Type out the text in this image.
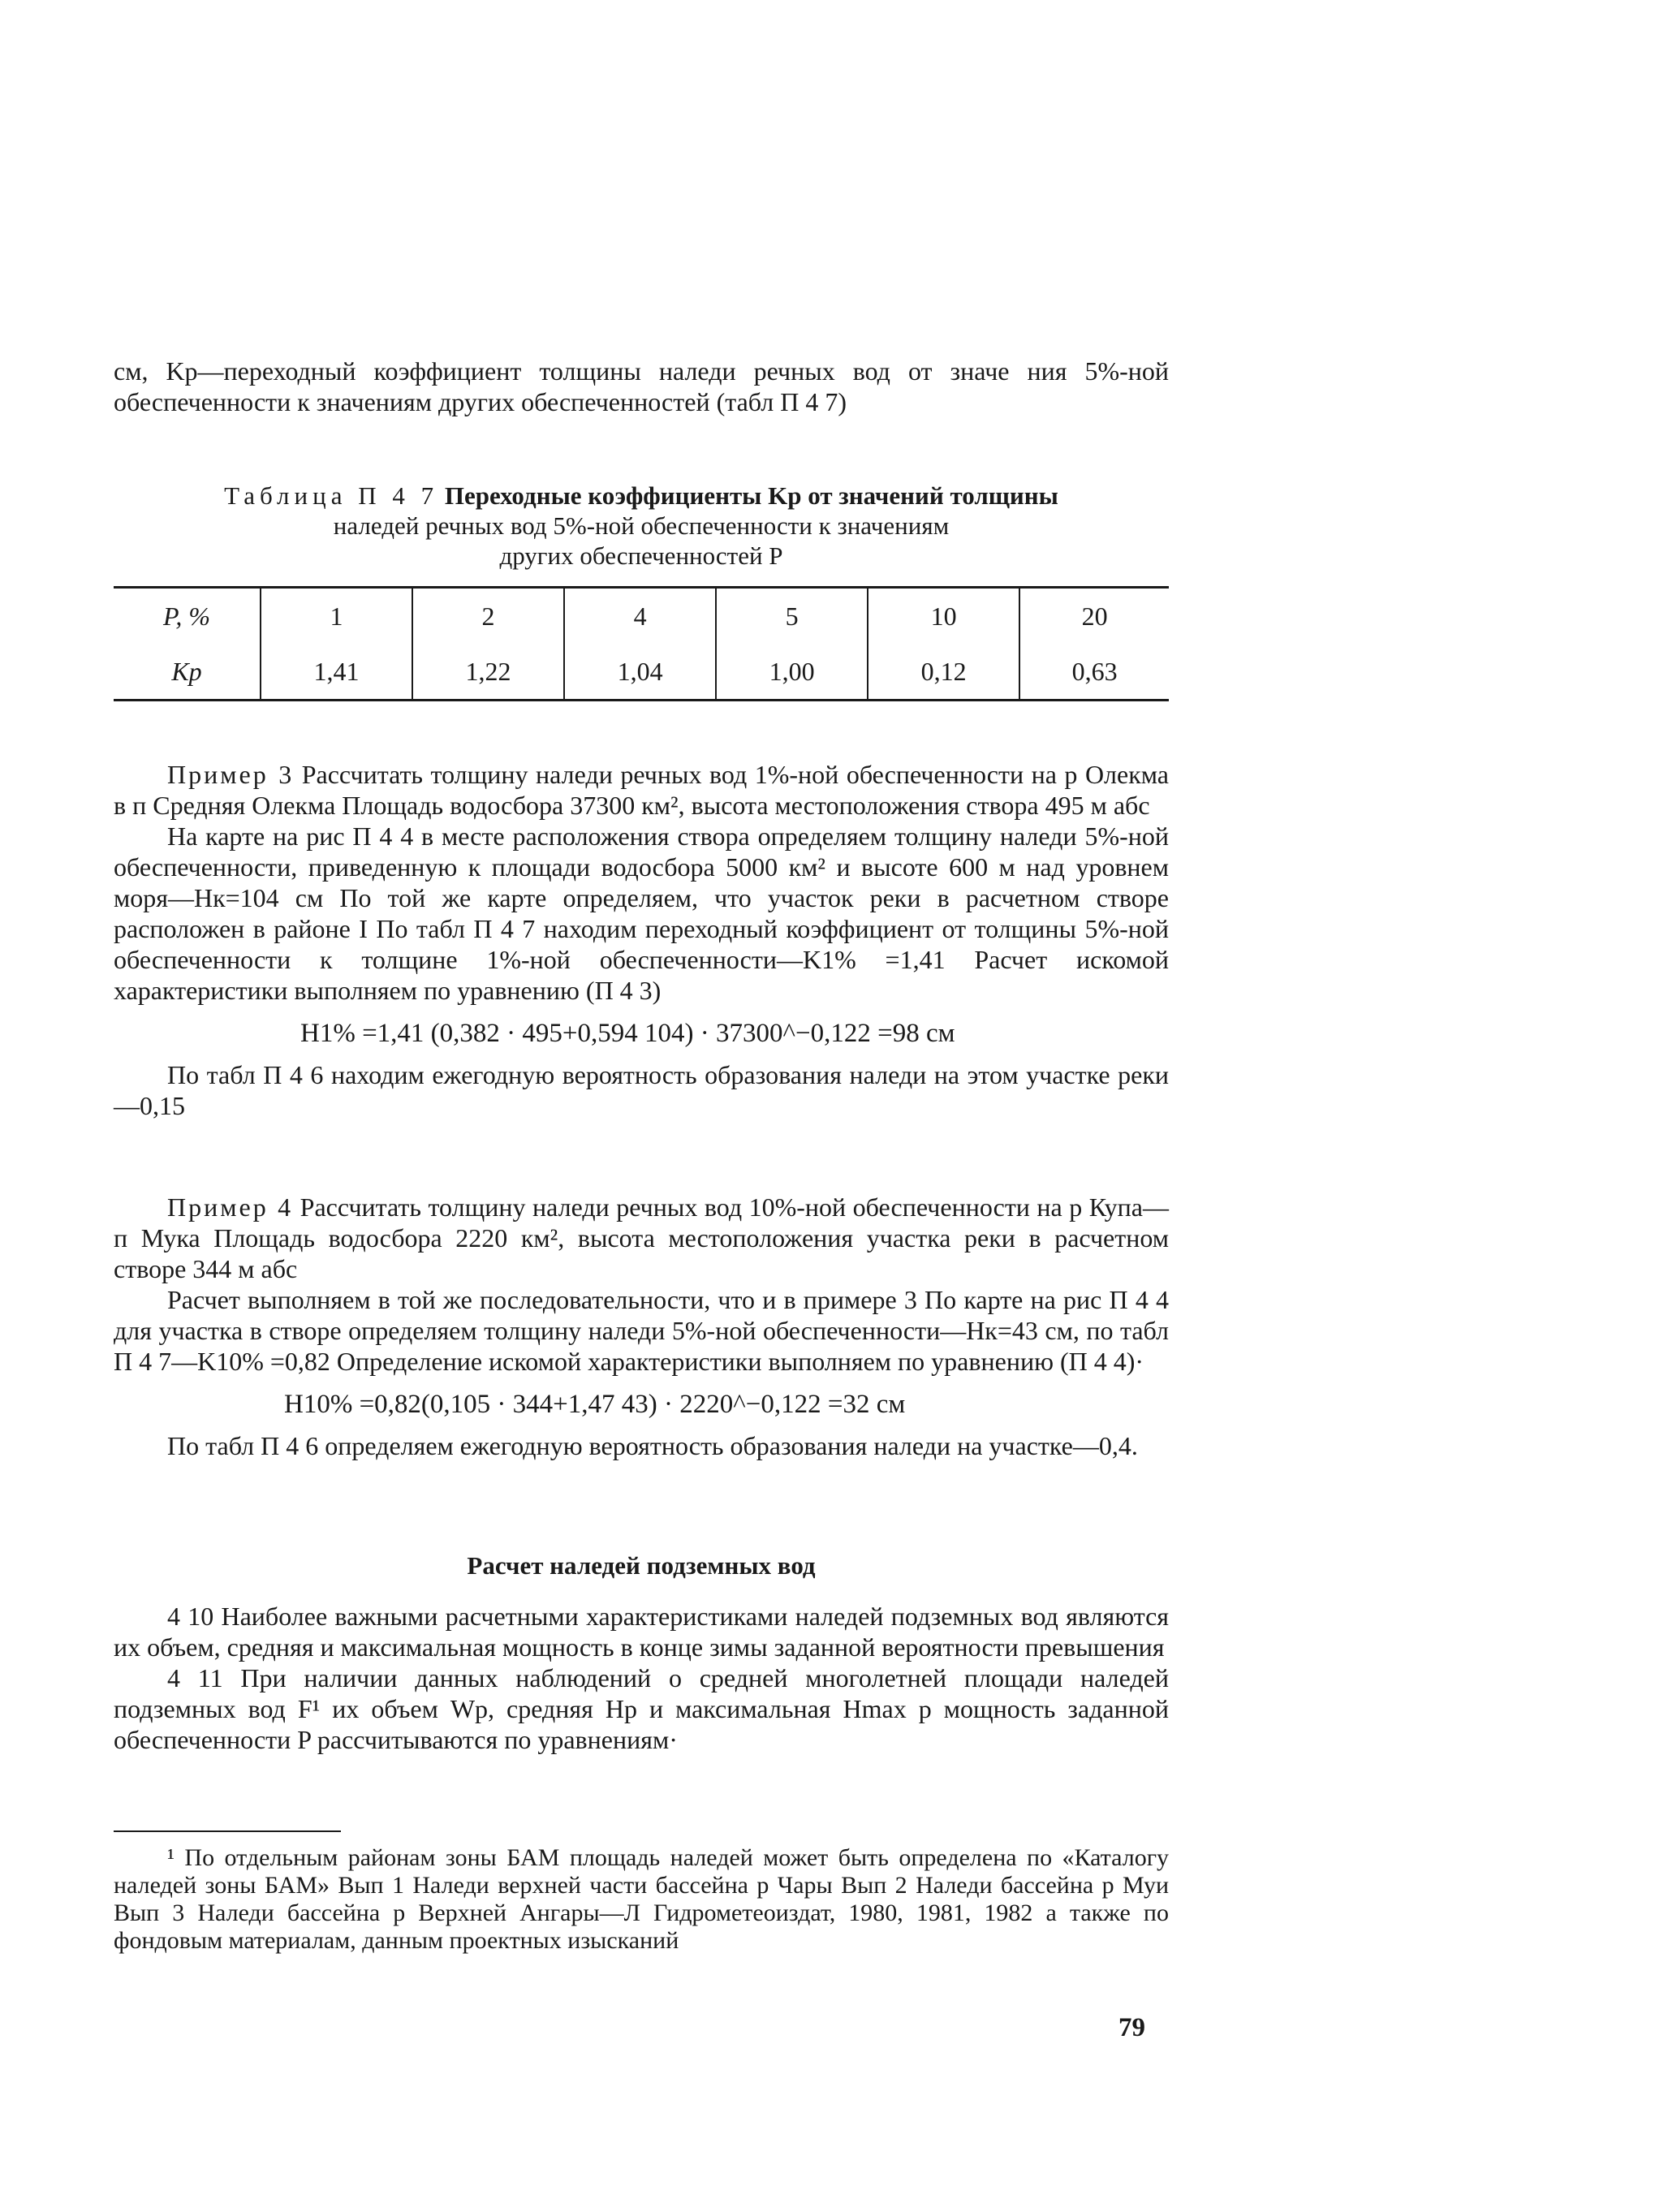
см, Kр—переходный коэффициент толщины наледи речных вод от значе ния 5%-ной обеспеченности к значениям других обеспеченностей (табл П 4 7)

Таблица П 4 7 Переходные коэффициенты Kр от значений толщины
наледей речных вод 5%-ной обеспеченности к значениям
других обеспеченностей P
P, %	1	2	4	5	10	20
Kр	1,41	1,22	1,04	1,00	0,12	0,63

Пример 3 Рассчитать толщину наледи речных вод 1%-ной обеспеченности на р Олекма в п Средняя Олекма Площадь водосбора 37300 км², высота местоположения створа 495 м абс

На карте на рис П 4 4 в месте расположения створа определяем толщину наледи 5%-ной обеспеченности, приведенную к площади водосбора 5000 км² и высоте 600 м над уровнем моря—Hк=104 см По той же карте определяем, что участок реки в расчетном створе расположен в районе I По табл П 4 7 находим переходный коэффициент от толщины 5%-ной обеспеченности к толщине 1%-ной обеспеченности—K1% =1,41 Расчет искомой характеристики выполняем по уравнению (П 4 3)

H1% =1,41 (0,382 · 495+0,594 104) · 37300^−0,122 =98 см

По табл П 4 6 находим ежегодную вероятность образования наледи на этом участке реки—0,15

Пример 4 Рассчитать толщину наледи речных вод 10%-ной обеспеченности на р Купа—п Мука Площадь водосбора 2220 км², высота местоположения участка реки в расчетном створе 344 м абс

Расчет выполняем в той же последовательности, что и в примере 3 По карте на рис П 4 4 для участка в створе определяем толщину наледи 5%-ной обеспеченности—Hк=43 см, по табл П 4 7—K10% =0,82 Определение искомой характеристики выполняем по уравнению (П 4 4)·

H10% =0,82(0,105 · 344+1,47 43) · 2220^−0,122 =32 см

По табл П 4 6 определяем ежегодную вероятность образования наледи на участке—0,4.

Расчет наледей подземных вод

4 10 Наиболее важными расчетными характеристиками наледей подземных вод являются их объем, средняя и максимальная мощность в конце зимы заданной вероятности превышения

4 11 При наличии данных наблюдений о средней многолетней площади наледей подземных вод F¹ их объем Wр, средняя Hр и максимальная Hmax р мощность заданной обеспеченности P рассчитываются по уравнениям·

¹ По отдельным районам зоны БАМ площадь наледей может быть определена по «Каталогу наледей зоны БАМ» Вып 1 Наледи верхней части бассейна р Чары Вып 2 Наледи бассейна р Муи Вып 3 Наледи бассейна р Верхней Ангары—Л Гидрометеоиздат, 1980, 1981, 1982 а также по фондовым материалам, данным проектных изысканий

79
